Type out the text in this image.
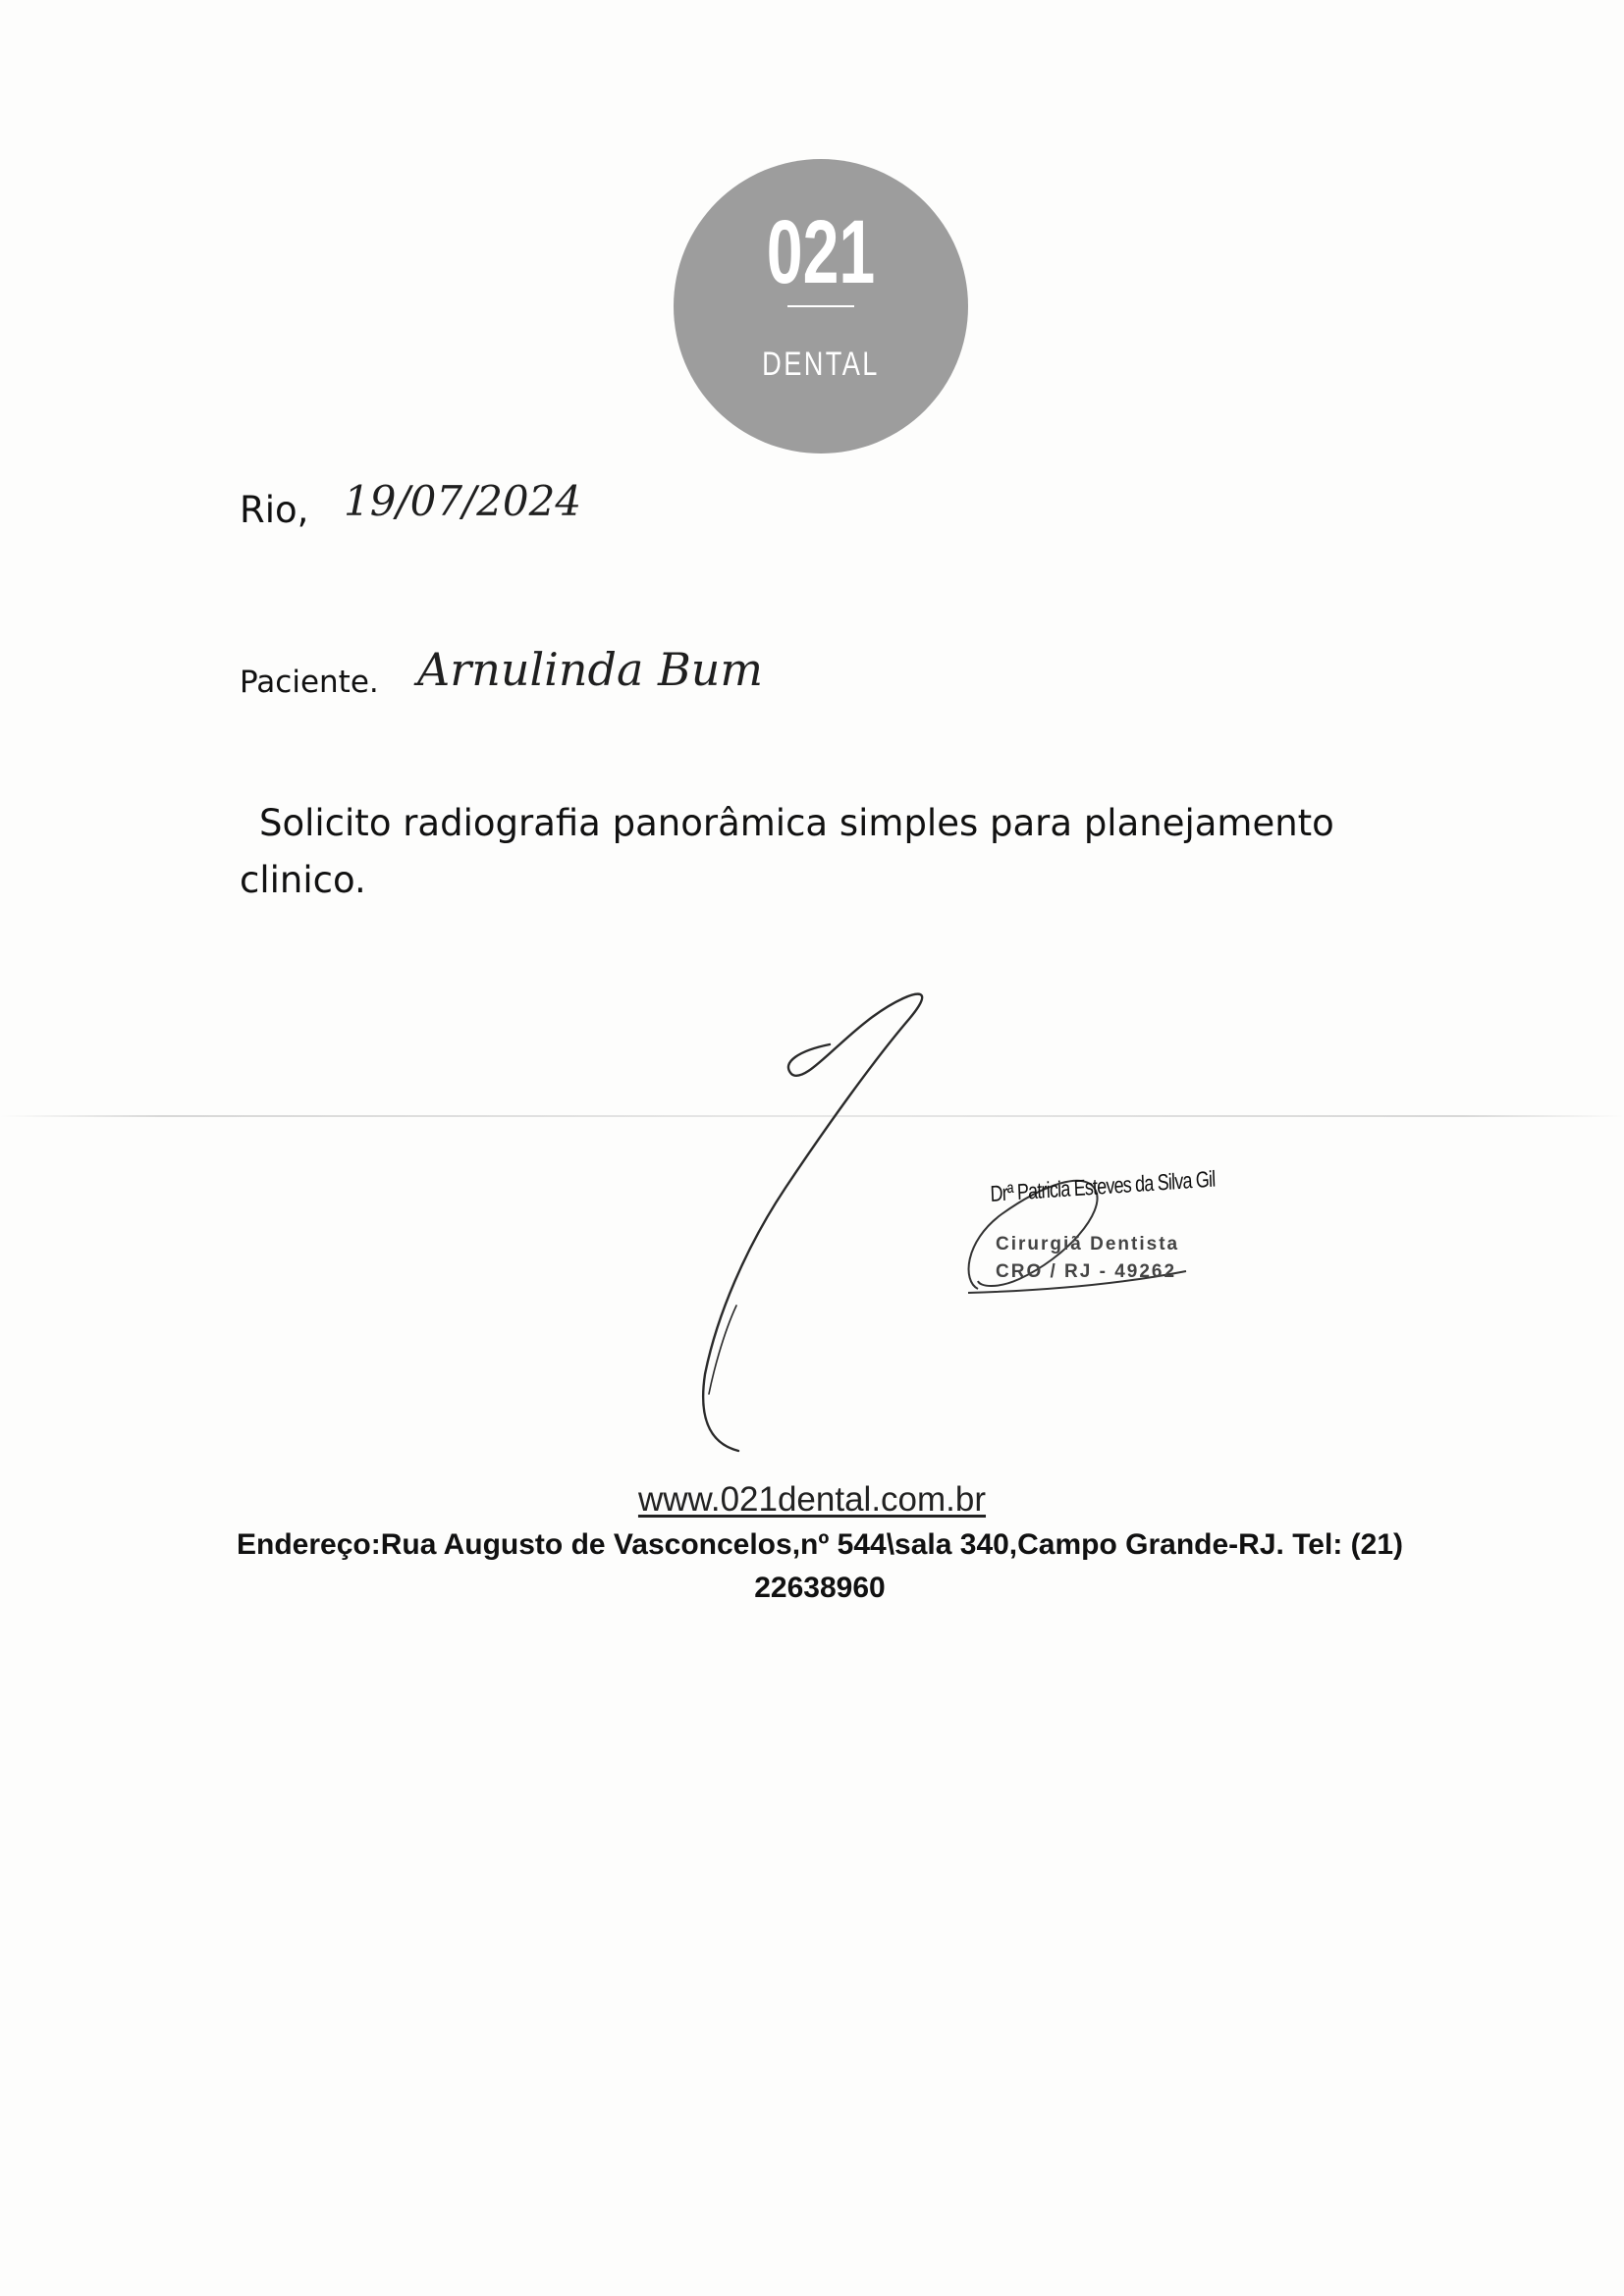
021
DENTAL
Rio, 19/07/2024
Paciente. Arnulinda Bum
Solicito radiografia panorâmica simples para planejamento clinico.
Drª Patricia Esteves da Silva Gil
Cirurgiã Dentista
CRO / RJ - 49262
www.021dental.com.br
Endereço:Rua Augusto de Vasconcelos,nº 544\sala 340,Campo Grande-RJ. Tel: (21) 22638960
